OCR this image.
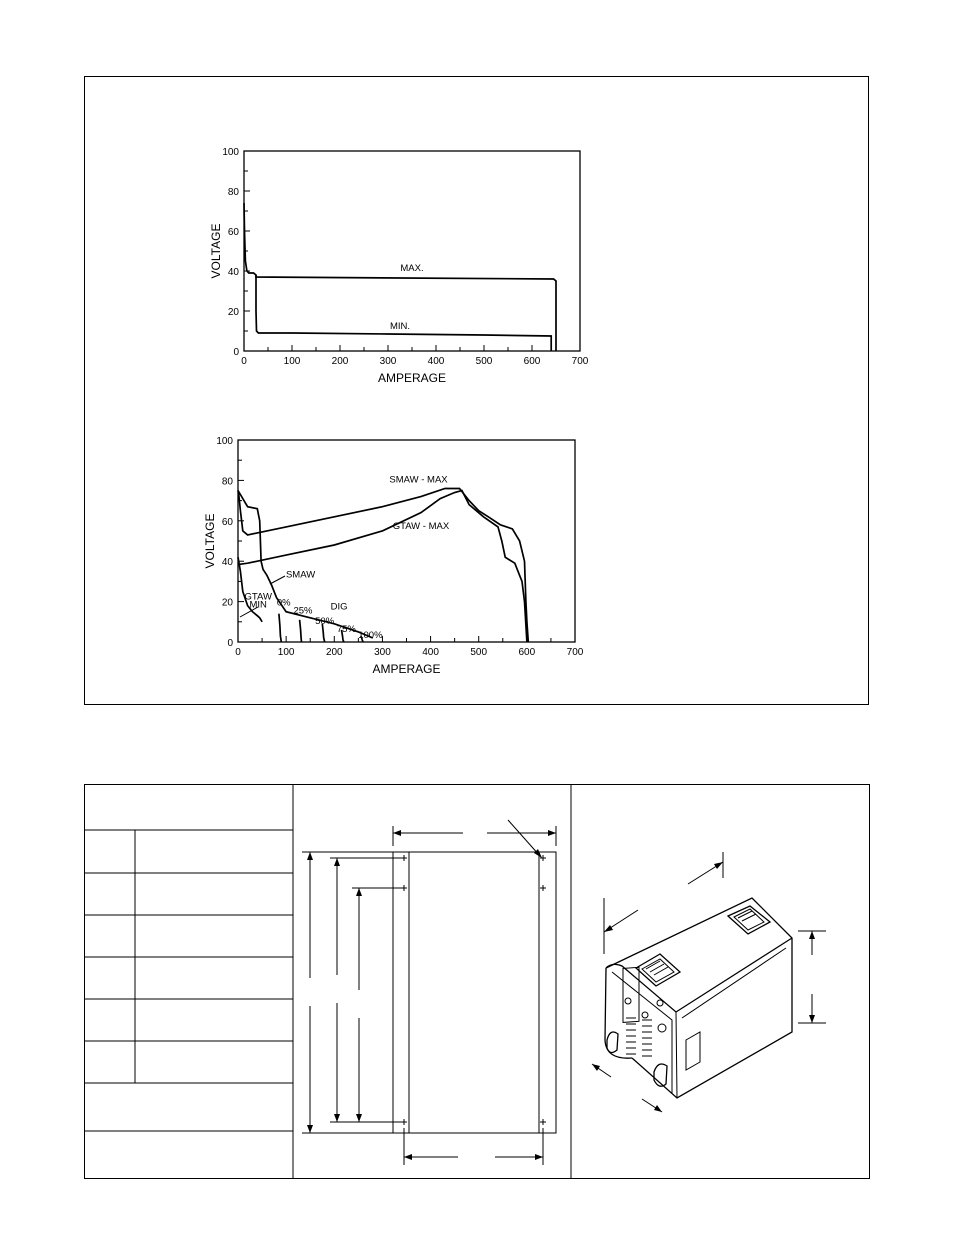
0	100	200	300	400	500	600	700
0
20
40
60
80
100
AMPERAGE
VOLTAGE	MAX.
MIN.
0	100	200	300	400	500	600	700
0
20
40
60
80
100
AMPERAGE
VOLTAGE
SMAW - MAX
GTAW - MAX
SMAW
GTAW
MIN	DIG
0%
25%
50%
75%
100%
